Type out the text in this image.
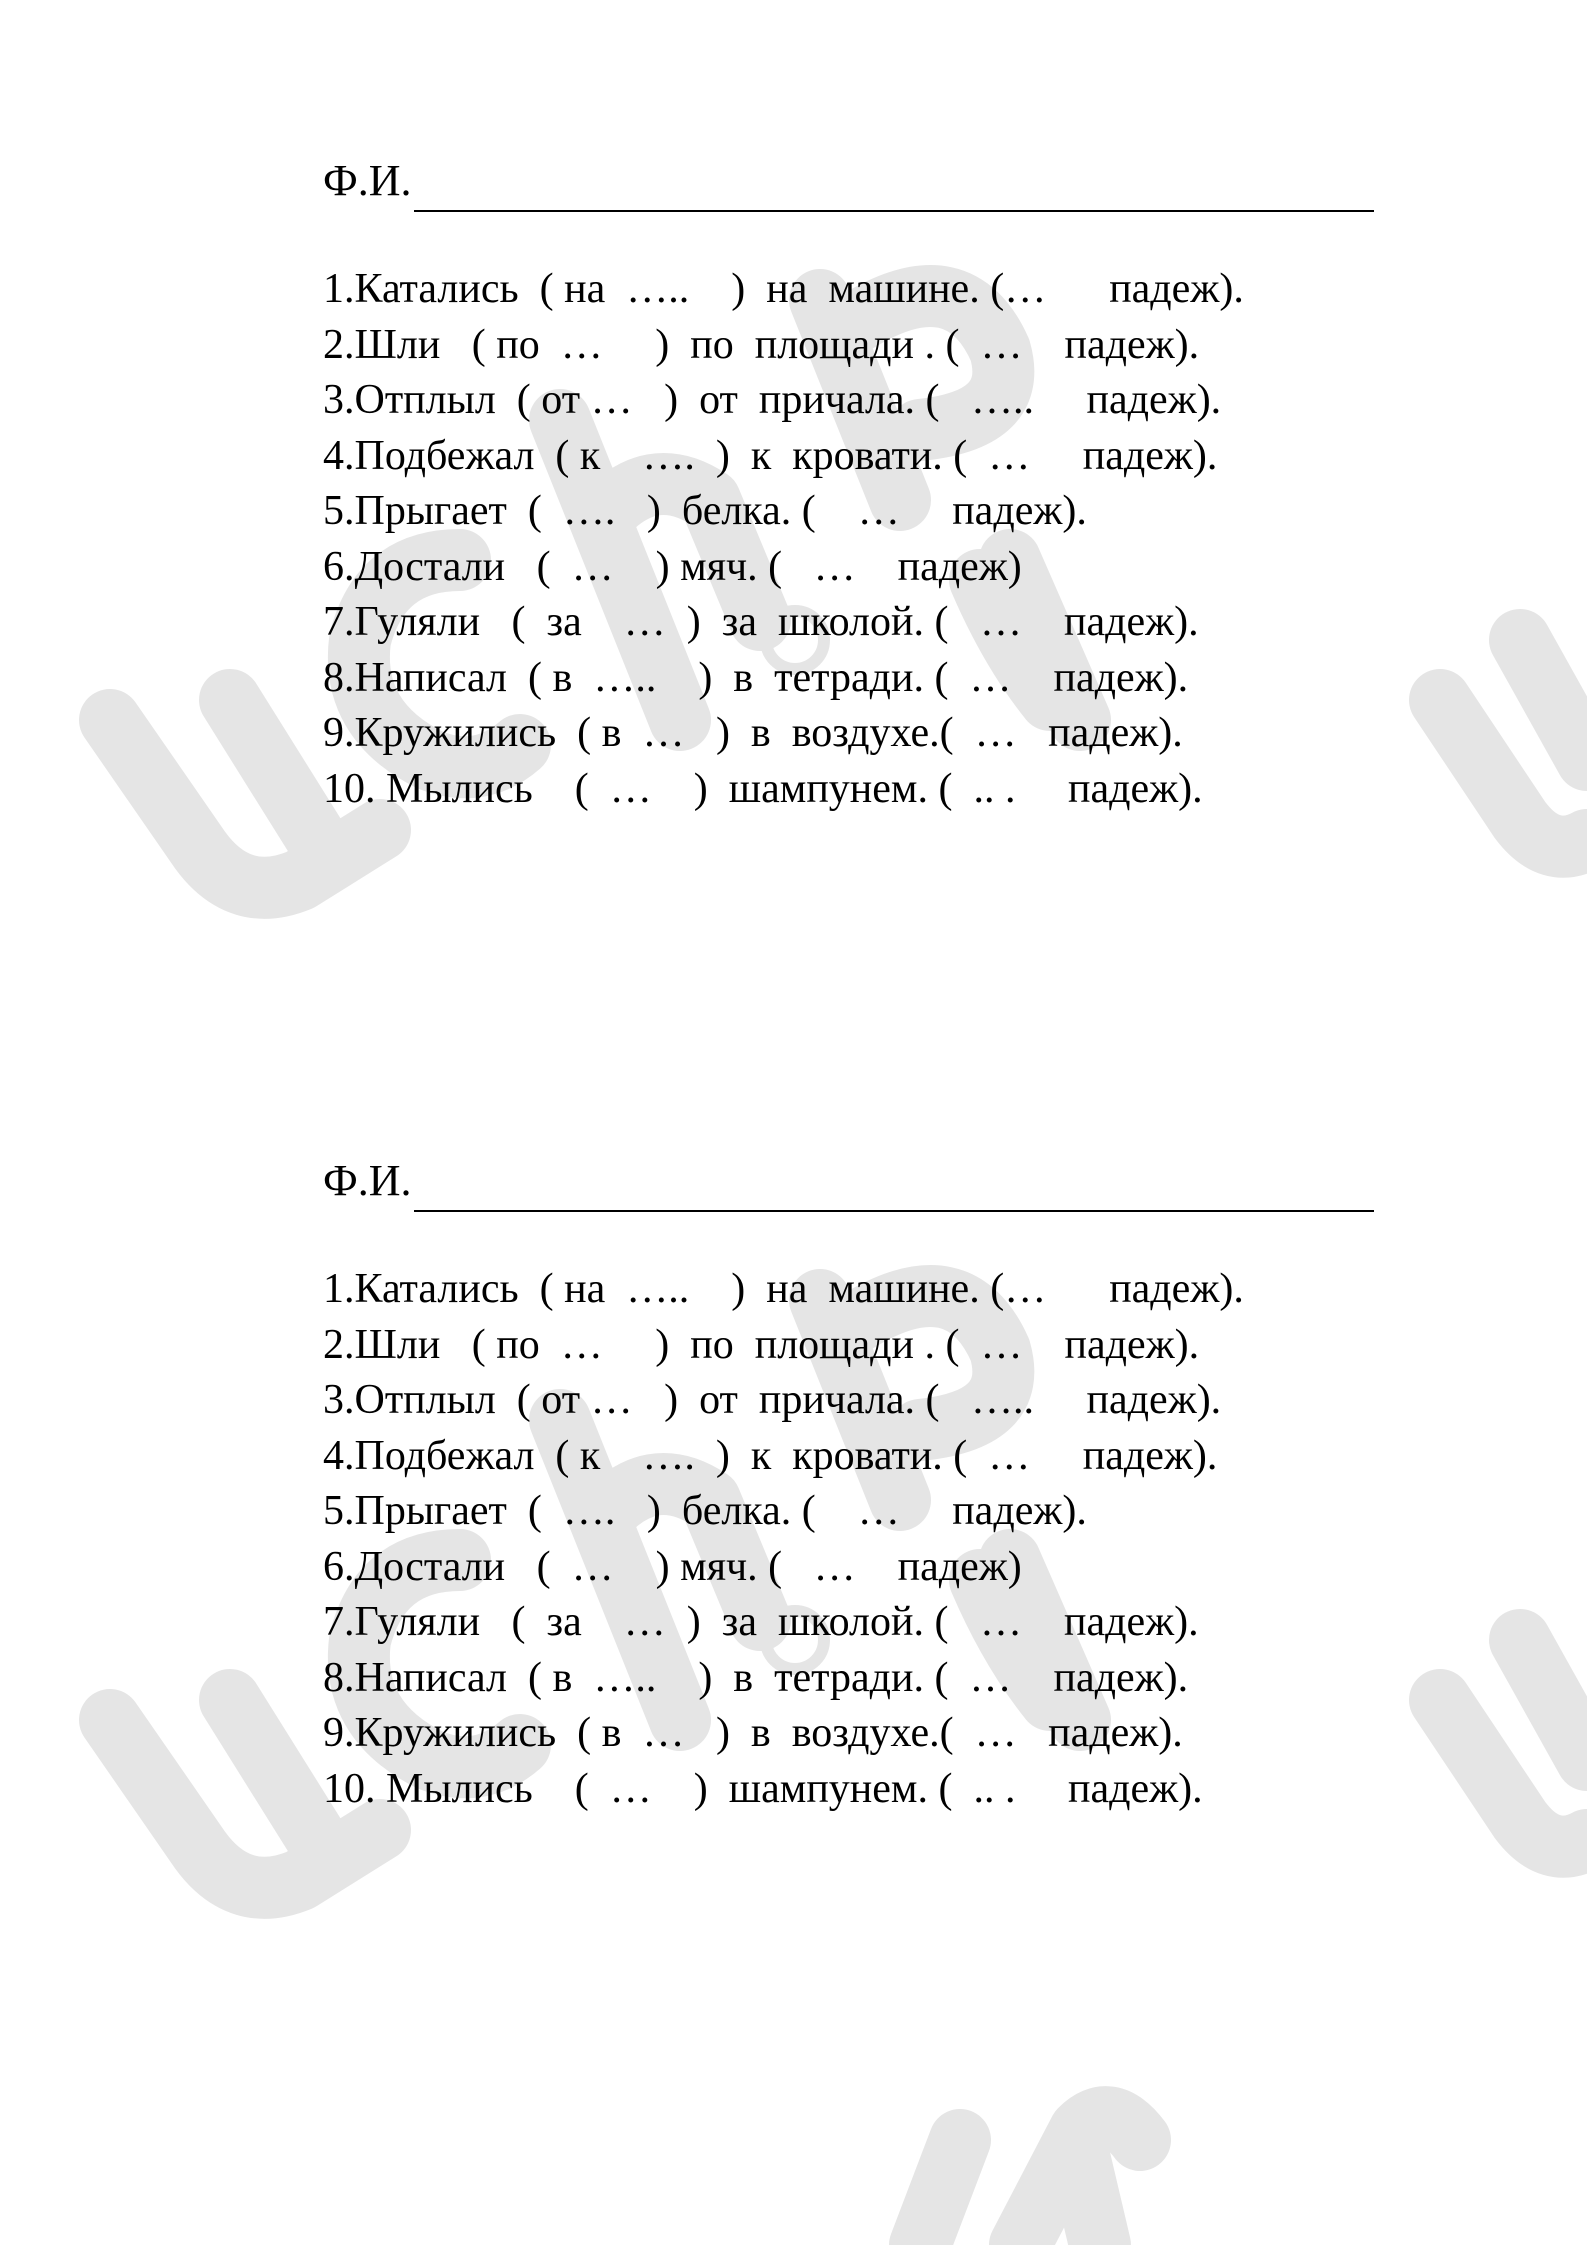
Ф.И.
1.Катались  ( на  …..    )  на  машине. (…      падеж).
2.Шли   ( по  …     )  по  площади . (  …    падеж).
3.Отплыл  ( от …   )  от  причала. (   …..     падеж).
4.Подбежал  ( к    ….  )  к  кровати. (  …     падеж).
5.Прыгает  (  ….   )  белка. (    …     падеж).
6.Достали   (  …    ) мяч. (   …    падеж)
7.Гуляли   (  за    …  )  за  школой. (   …    падеж).
8.Написал  ( в  …..    )  в  тетради. (  …    падеж).
9.Кружились  ( в  …   )  в  воздухе.(  …   падеж).
10. Мылись    (  …    )  шампунем. (  .. .     падеж).
Ф.И.
1.Катались  ( на  …..    )  на  машине. (…      падеж).
2.Шли   ( по  …     )  по  площади . (  …    падеж).
3.Отплыл  ( от …   )  от  причала. (   …..     падеж).
4.Подбежал  ( к    ….  )  к  кровати. (  …     падеж).
5.Прыгает  (  ….   )  белка. (    …     падеж).
6.Достали   (  …    ) мяч. (   …    падеж)
7.Гуляли   (  за    …  )  за  школой. (   …    падеж).
8.Написал  ( в  …..    )  в  тетради. (  …    падеж).
9.Кружились  ( в  …   )  в  воздухе.(  …   падеж).
10. Мылись    (  …    )  шампунем. (  .. .     падеж).
